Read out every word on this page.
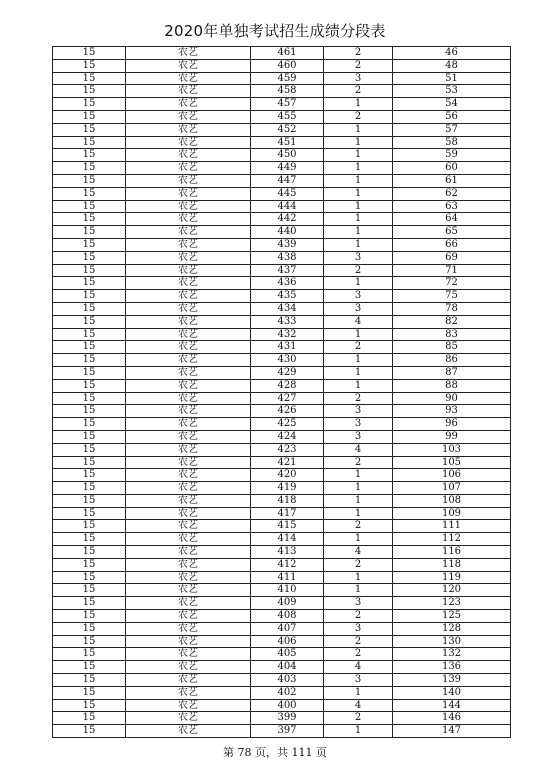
2020年单独考试招生成绩分段表
15	农艺	461	2	46
15	农艺	460	2	48
15	农艺	459	3	51
15	农艺	458	2	53
15	农艺	457	1	54
15	农艺	455	2	56
15	农艺	452	1	57
15	农艺	451	1	58
15	农艺	450	1	59
15	农艺	449	1	60
15	农艺	447	1	61
15	农艺	445	1	62
15	农艺	444	1	63
15	农艺	442	1	64
15	农艺	440	1	65
15	农艺	439	1	66
15	农艺	438	3	69
15	农艺	437	2	71
15	农艺	436	1	72
15	农艺	435	3	75
15	农艺	434	3	78
15	农艺	433	4	82
15	农艺	432	1	83
15	农艺	431	2	85
15	农艺	430	1	86
15	农艺	429	1	87
15	农艺	428	1	88
15	农艺	427	2	90
15	农艺	426	3	93
15	农艺	425	3	96
15	农艺	424	3	99
15	农艺	423	4	103
15	农艺	421	2	105
15	农艺	420	1	106
15	农艺	419	1	107
15	农艺	418	1	108
15	农艺	417	1	109
15	农艺	415	2	111
15	农艺	414	1	112
15	农艺	413	4	116
15	农艺	412	2	118
15	农艺	411	1	119
15	农艺	410	1	120
15	农艺	409	3	123
15	农艺	408	2	125
15	农艺	407	3	128
15	农艺	406	2	130
15	农艺	405	2	132
15	农艺	404	4	136
15	农艺	403	3	139
15	农艺	402	1	140
15	农艺	400	4	144
15	农艺	399	2	146
15	农艺	397	1	147
第 78 页，共 111 页
